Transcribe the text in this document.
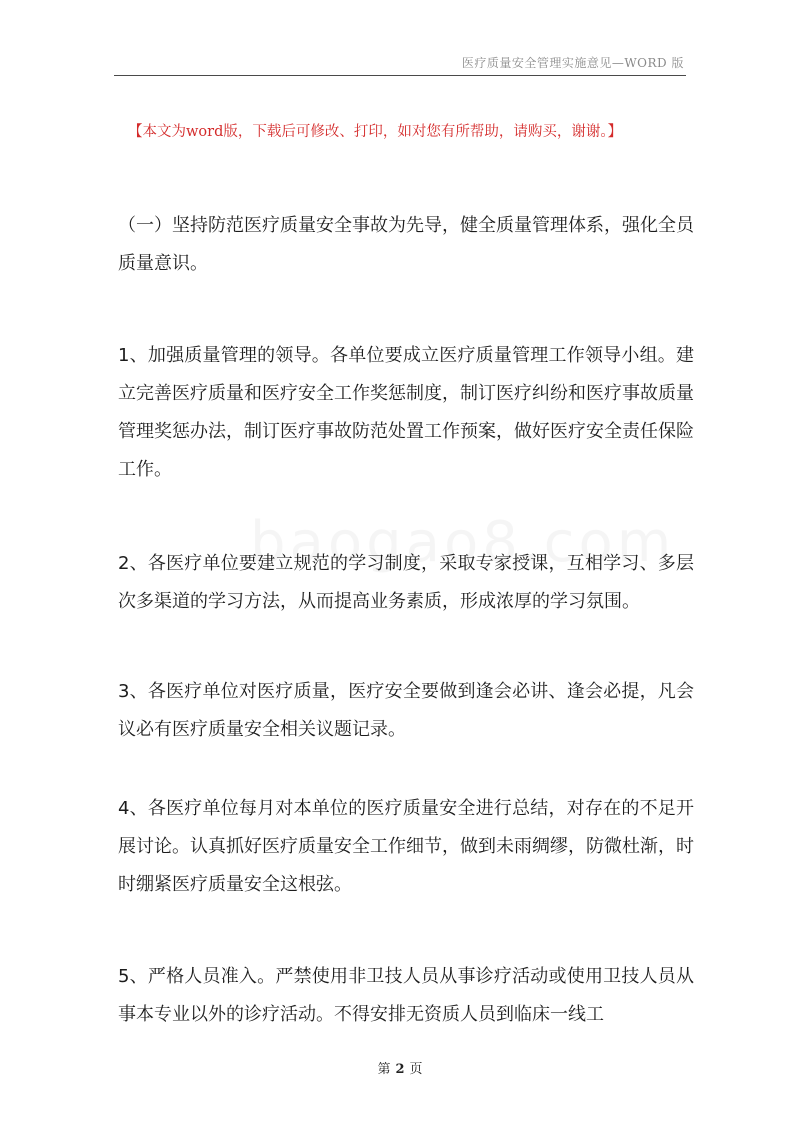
医疗质量安全管理实施意见—WORD 版
【本文为word版，下载后可修改、打印，如对您有所帮助，请购买，谢谢。】

（一）坚持防范医疗质量安全事故为先导，健全质量管理体系，强化全员质量意识。

1、加强质量管理的领导。各单位要成立医疗质量管理工作领导小组。建立完善医疗质量和医疗安全工作奖惩制度，制订医疗纠纷和医疗事故质量管理奖惩办法，制订医疗事故防范处置工作预案，做好医疗安全责任保险工作。

2、各医疗单位要建立规范的学习制度，采取专家授课，互相学习、多层次多渠道的学习方法，从而提高业务素质，形成浓厚的学习氛围。

3、各医疗单位对医疗质量，医疗安全要做到逢会必讲、逢会必提，凡会议必有医疗质量安全相关议题记录。

4、各医疗单位每月对本单位的医疗质量安全进行总结，对存在的不足开展讨论。认真抓好医疗质量安全工作细节，做到未雨绸缪，防微杜渐，时时绷紧医疗质量安全这根弦。

5、严格人员准入。严禁使用非卫技人员从事诊疗活动或使用卫技人员从事本专业以外的诊疗活动。不得安排无资质人员到临床一线工

第 2 页
